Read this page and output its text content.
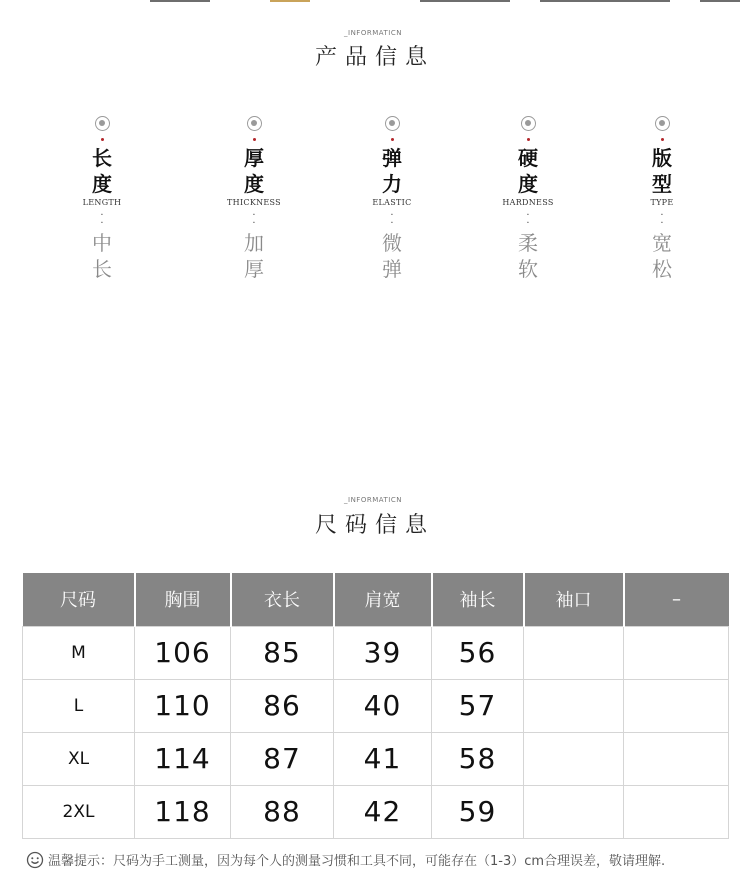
_INFORMATICN
产品信息
长
度
LENGTH
·
·
中
长
厚
度
THICKNESS
·
·
加
厚
弹
力
ELASTIC
·
·
微
弹
硬
度
HARDNESS
·
·
柔
软
版
型
TYPE
·
·
宽
松
_INFORMATICN
尺码信息
尺码	胸围	衣长	肩宽	袖长	袖口	–
M	106	85	39	56		
L	110	86	40	57		
XL	114	87	41	58		
2XL	118	88	42	59		
温馨提示：尺码为手工测量，因为每个人的测量习惯和工具不同，可能存在（1-3）cm合理误差，敬请理解.
